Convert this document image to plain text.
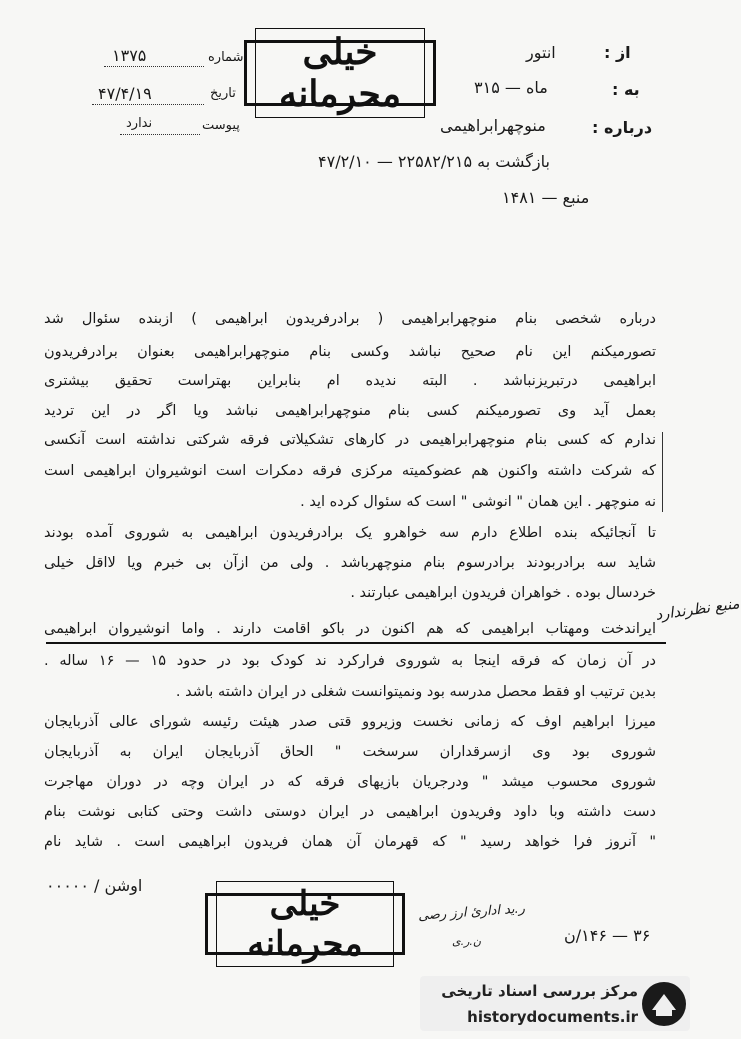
از :
انتور
به :
ماه — ۳۱۵
درباره :
منوچهرابراهیمی
شماره
۱۳۷۵
تاریخ
۴۷/۴/۱۹
پیوست
ندارد
بازگشت به ۲۲۵۸۲/۲۱۵ — ۴۷/۲/۱۰
منبع — ۱۴۸۱
خیلی محرمانه
درباره شخصی بنام منوچهرابراهیمی ( برادرفریدون ابراهیمی ) ازبنده سئوال شد
تصورمیکنم این نام صحیح نباشد وکسی بنام منوچهرابراهیمی بعنوان برادرفریدون
ابراهیمی درتبریزنباشد . البته ندیده ام بنابراین بهتراست تحقیق بیشتری
بعمل آید وی تصورمیکنم کسی بنام منوچهرابراهیمی نباشد ویا اگر در این تردید
ندارم که کسی بنام منوچهرابراهیمی در کارهای تشکیلاتی فرقه شرکتی نداشته است آنکسی
که شرکت داشته واکنون هم عضوکمیته مرکزی فرقه دمکرات است انوشیروان ابراهیمی است
نه منوچهر . این همان " انوشی " است که سئوال کرده اید .
تا آنجائیکه بنده اطلاع دارم سه خواهرو یک برادرفریدون ابراهیمی به شوروی آمده بودند
شاید سه برادربودند برادرسوم بنام منوچهرباشد . ولی من ازآن بی خبرم ویا لااقل خیلی
خردسال بوده . خواهران فریدون ابراهیمی عبارتند .
ایراندخت ومهتاب ابراهیمی که هم اکنون در باکو اقامت دارند . واما انوشیروان ابراهیمی
در آن زمان که فرقه اینجا به شوروی فرارکرد ند کودک بود در حدود ۱۵ — ۱۶ ساله .
بدین ترتیب او فقط محصل مدرسه بود ونمیتوانست شغلی در ایران داشته باشد .
میرزا ابراهیم اوف که زمانی نخست وزیروو قتی صدر هیئت رئیسه شورای عالی آذربایجان
شوروی بود وی ازسرقداران سرسخت " الحاق آذربایجان ایران به آذربایجان
شوروی محسوب میشد " ودرجریان بازیهای فرقه که در ایران وچه در دوران مهاجرت
دست داشته وبا داود وفریدون ابراهیمی در ایران دوستی داشت وحتی کتابی نوشت بنام
" آنروز فرا خواهد رسید " که قهرمان آن همان فریدون ابراهیمی است . شاید نام
منبع نظرندارد
اوشن / ۰۰۰۰۰	خیلی محرمانه
ر.ید ادارئ ارز رصی
ن.ر.ی	۳۶ — ۱۴۶/ن
مرکز بررسی اسناد تاریخی
historydocuments.ir
